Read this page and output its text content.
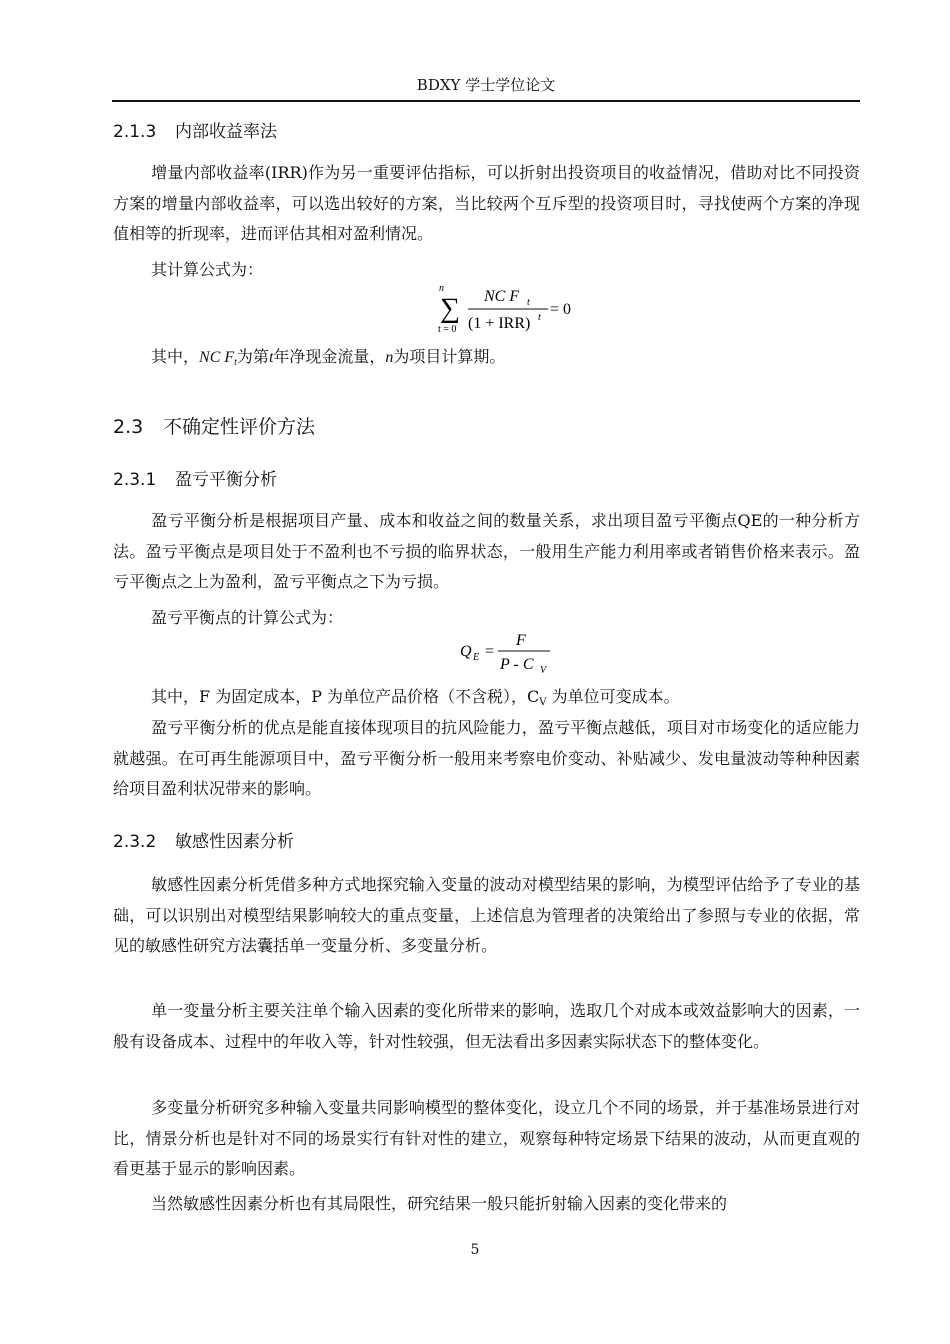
BDXY 学士学位论文
2.1.3 内部收益率法
增量内部收益率(IRR)作为另一重要评估指标，可以折射出投资项目的收益情况，借助对比不同投资方案的增量内部收益率，可以选出较好的方案，当比较两个互斥型的投资项目时，寻找使两个方案的净现值相等的折现率，进而评估其相对盈利情况。
其计算公式为：
n
∑
t = 0
NC F t
(1 + IRR) t = 0
其中，NC $F_t$为第t年净现金流量，n为项目计算期。
2.3 不确定性评价方法
2.3.1 盈亏平衡分析
盈亏平衡分析是根据项目产量、成本和收益之间的数量关系，求出项目盈亏平衡点QE的一种分析方法。盈亏平衡点是项目处于不盈利也不亏损的临界状态，一般用生产能力利用率或者销售价格来表示。盈亏平衡点之上为盈利，盈亏平衡点之下为亏损。
盈亏平衡点的计算公式为：
Q E =
F
P - C V
其中，F 为固定成本，P 为单位产品价格（不含税），$C_V$ 为单位可变成本。
盈亏平衡分析的优点是能直接体现项目的抗风险能力，盈亏平衡点越低，项目对市场变化的适应能力就越强。在可再生能源项目中，盈亏平衡分析一般用来考察电价变动、补贴减少、发电量波动等种种因素给项目盈利状况带来的影响。
2.3.2 敏感性因素分析
敏感性因素分析凭借多种方式地探究输入变量的波动对模型结果的影响，为模型评估给予了专业的基础，可以识别出对模型结果影响较大的重点变量，上述信息为管理者的决策给出了参照与专业的依据，常见的敏感性研究方法囊括单一变量分析、多变量分析。
单一变量分析主要关注单个输入因素的变化所带来的影响，选取几个对成本或效益影响大的因素，一般有设备成本、过程中的年收入等，针对性较强，但无法看出多因素实际状态下的整体变化。
多变量分析研究多种输入变量共同影响模型的整体变化，设立几个不同的场景，并于基准场景进行对比，情景分析也是针对不同的场景实行有针对性的建立，观察每种特定场景下结果的波动，从而更直观的看更基于显示的影响因素。
当然敏感性因素分析也有其局限性，研究结果一般只能折射输入因素的变化带来的
5
